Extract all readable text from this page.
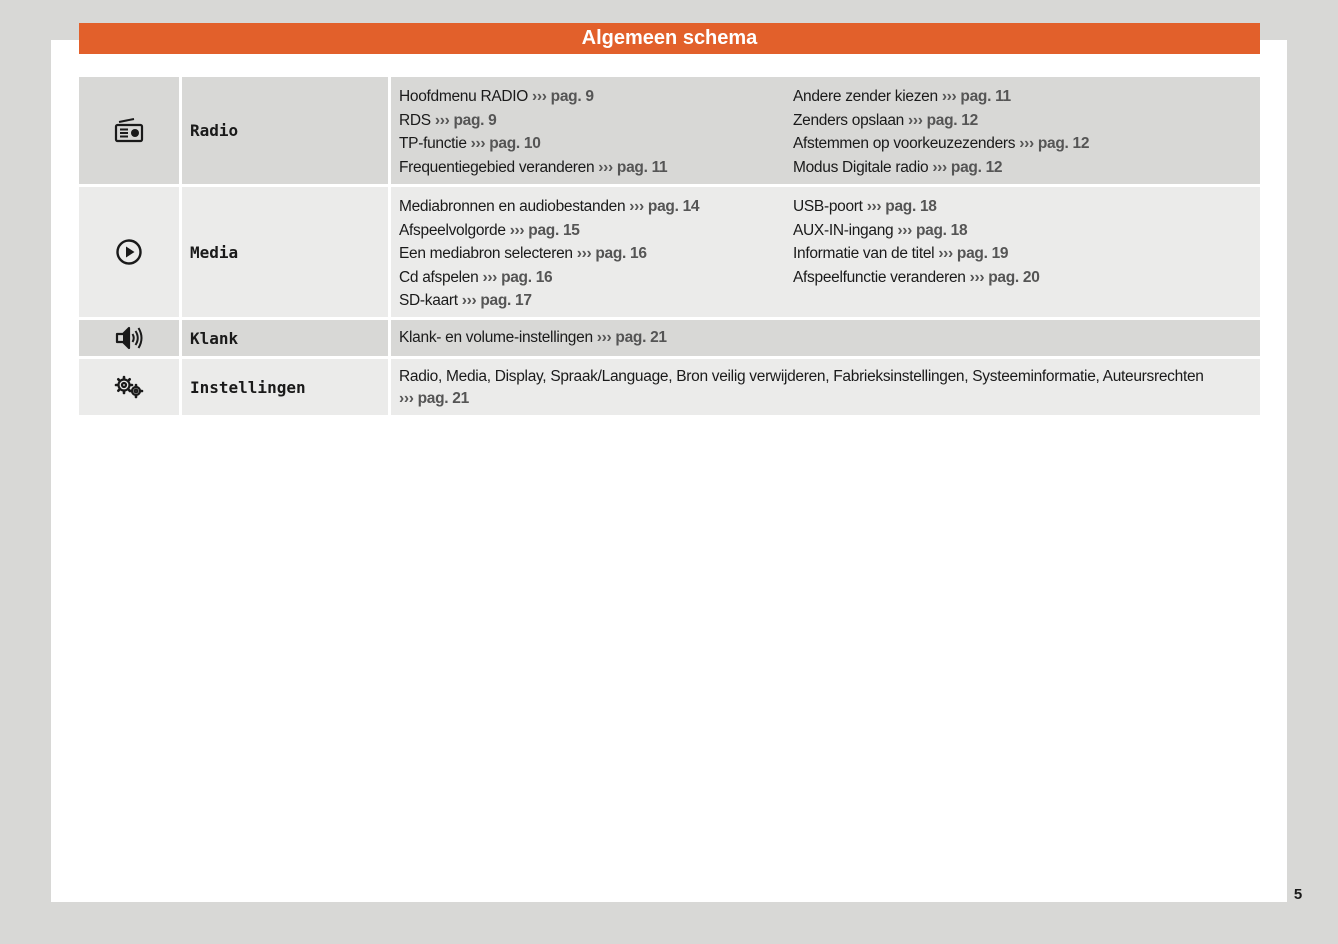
Algemeen schema
Radio
Hoofdmenu RADIO ››› pag. 9
RDS ››› pag. 9
TP-functie ››› pag. 10
Frequentiegebied veranderen ››› pag. 11
Andere zender kiezen ››› pag. 11
Zenders opslaan ››› pag. 12
Afstemmen op voorkeuzezenders ››› pag. 12
Modus Digitale radio ››› pag. 12
Media
Mediabronnen en audiobestanden ››› pag. 14
Afspeelvolgorde ››› pag. 15
Een mediabron selecteren ››› pag. 16
Cd afspelen ››› pag. 16
SD-kaart ››› pag. 17
USB-poort ››› pag. 18
AUX-IN-ingang ››› pag. 18
Informatie van de titel ››› pag. 19
Afspeelfunctie veranderen ››› pag. 20
Klank	Klank- en volume-instellingen ››› pag. 21
Instellingen
Radio, Media, Display, Spraak/Language, Bron veilig verwijderen, Fabrieksinstellingen, Systeeminformatie, Auteursrechten
››› pag. 21
5
